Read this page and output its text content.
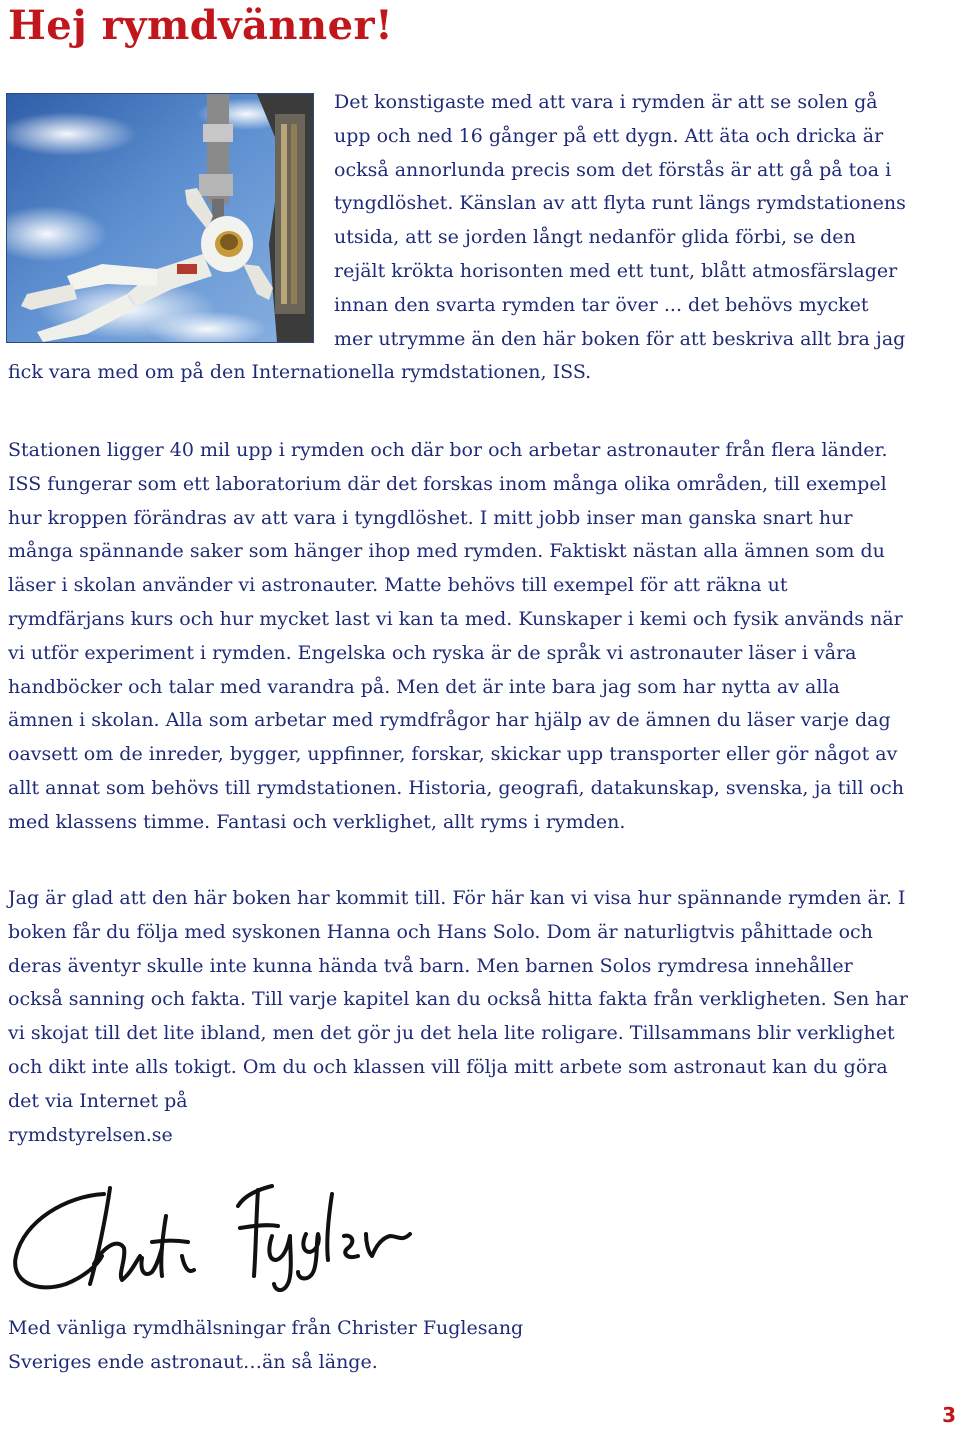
Hej rymdvänner!

Det konstigaste med att vara i rymden är att se solen gå upp och ned 16 gånger på ett dygn. Att äta och dricka är också annorlunda precis som det förstås är att gå på toa i tyngdlöshet. Känslan av att flyta runt längs rymdstationens utsida, att se jorden långt nedanför glida förbi, se den rejält krökta horisonten med ett tunt, blått atmosfärslager innan den svarta rymden tar över ... det behövs mycket mer utrymme än den här boken för att beskriva allt bra jag fick vara med om på den Internationella rymdstationen, ISS.

Stationen ligger 40 mil upp i rymden och där bor och arbetar astronauter från flera länder. ISS fungerar som ett laboratorium där det forskas inom många olika områden, till exempel hur kroppen förändras av att vara i tyngdlöshet. I mitt jobb inser man ganska snart hur många spännande saker som hänger ihop med rymden. Faktiskt nästan alla ämnen som du läser i skolan använder vi astronauter. Matte behövs till exempel för att räkna ut rymdfärjans kurs och hur mycket last vi kan ta med. Kunskaper i kemi och fysik används när vi utför experiment i rymden. Engelska och ryska är de språk vi astronauter läser i våra handböcker och talar med varandra på. Men det är inte bara jag som har nytta av alla ämnen i skolan. Alla som arbetar med rymdfrågor har hjälp av de ämnen du läser varje dag oavsett om de inreder, bygger, uppfinner, forskar, skickar upp transporter eller gör något av allt annat som behövs till rymdstationen. Historia, geografi, datakunskap, svenska, ja till och med klassens timme. Fantasi och verklighet, allt ryms i rymden.

Jag är glad att den här boken har kommit till. För här kan vi visa hur spännande rymden är. I boken får du följa med syskonen Hanna och Hans Solo. Dom är naturligtvis påhittade och deras äventyr skulle inte kunna hända två barn. Men barnen Solos rymdresa innehåller också sanning och fakta. Till varje kapitel kan du också hitta fakta från verkligheten. Sen har vi skojat till det lite ibland, men det gör ju det hela lite roligare. Tillsammans blir verklighet och dikt inte alls tokigt. Om du och klassen vill följa mitt arbete som astronaut kan du göra det via Internet på
rymdstyrelsen.se

Med vänliga rymdhälsningar från Christer Fuglesang

Sveriges ende astronaut…än så länge.

3
